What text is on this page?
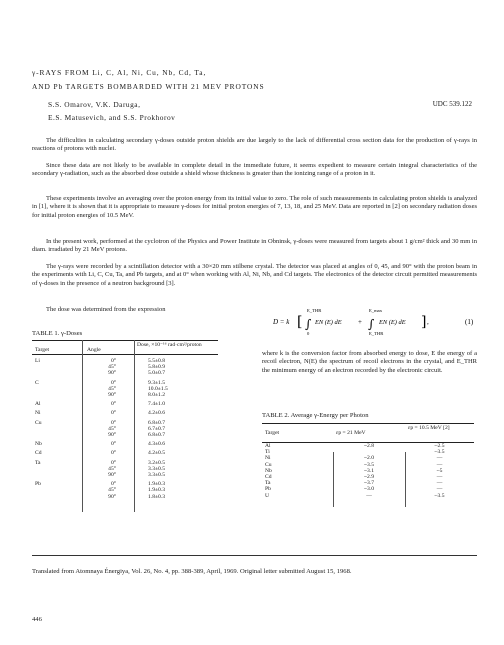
γ-RAYS FROM Li, C, Al, Ni, Cu, Nb, Cd, Ta,
AND Pb TARGETS BOMBARDED WITH 21 MEV PROTONS
S.S. Omarov, V.K. Daruga,
E.S. Matusevich, and S.S. Prokhorov
UDC 539.122

The difficulties in calculating secondary γ-doses outside proton shields are due largely to the lack of differential cross section data for the production of γ-rays in reactions of protons with nuclei.

Since these data are not likely to be available in complete detail in the immediate future, it seems expedient to measure certain integral characteristics of the secondary γ-radiation, such as the absorbed dose outside a shield whose thickness is greater than the ionizing range of a proton in it.

These experiments involve an averaging over the proton energy from its initial value to zero. The role of such measurements in calculating proton shields is analyzed in [1], where it is shown that it is appropriate to measure γ-doses for initial proton energies of 7, 13, 18, and 25 MeV. Data are reported in [2] on secondary radiation doses for initial proton energies of 10.5 MeV.

In the present work, performed at the cyclotron of the Physics and Power Institute in Obninsk, γ-doses were measured from targets about 1 g/cm² thick and 30 mm in diam. irradiated by 21 MeV protons.

The γ-rays were recorded by a scintillation detector with a 30×20 mm stilbene crystal. The detector was placed at angles of 0, 45, and 90° with the proton beam in the experiments with Li, C, Cu, Ta, and Pb targets, and at 0° when working with Al, Ni, Nb, and Cd targets. The electronics of the detector circuit permitted measurements of γ-doses in the presence of a neutron background [3].

The dose was determined from the expression

D = k [ ∫
E_THR
0
EN (E) dE + ∫
E_max
E_THR
EN (E) dE ] ,	(1)
TABLE 1. γ-Doses
Target	Angle	Dose, ×10⁻¹⁶ rad·cm²/proton
Li	0°	5.5±0.8
	45°	5.8±0.9
	90°	5.0±0.7
C	0°	9.3±1.5
	45°	10.0±1.5
	90°	8.0±1.2
Al	0°	7.4±1.0
Ni	0°	4.2±0.6
Cu	0°	6.8±0.7
	45°	6.7±0.7
	90°	6.8±0.7
Nb	0°	4.3±0.6
Cd	0°	4.2±0.5
Ta	0°	3.2±0.5
	45°	3.3±0.5
	90°	3.3±0.5
Pb	0°	1.9±0.3
	45°	1.9±0.3
	90°	1.8±0.3

where k is the conversion factor from absorbed energy to dose, E the energy of a recoil electron, N(E) the spectrum of recoil electrons in the crystal, and E_THR the minimum energy of an electron recorded by the electronic circuit.

TABLE 2. Average γ-Energy per Photon
Target	εp = 21 MeV	εp = 10.5 MeV [2]
Al	~2.8	~2.5
Ti		~3.5
Ni	~2.0	—
Cu	~3.5	—
Nb	~3.1	~5
Cd	~2.9	—
Ta	~3.7	—
Pb	~3.0	—
U	—	~3.5
Translated from Atomnaya Énergiya, Vol. 26, No. 4, pp. 388-389, April, 1969. Original letter submitted August 15, 1968.
446
